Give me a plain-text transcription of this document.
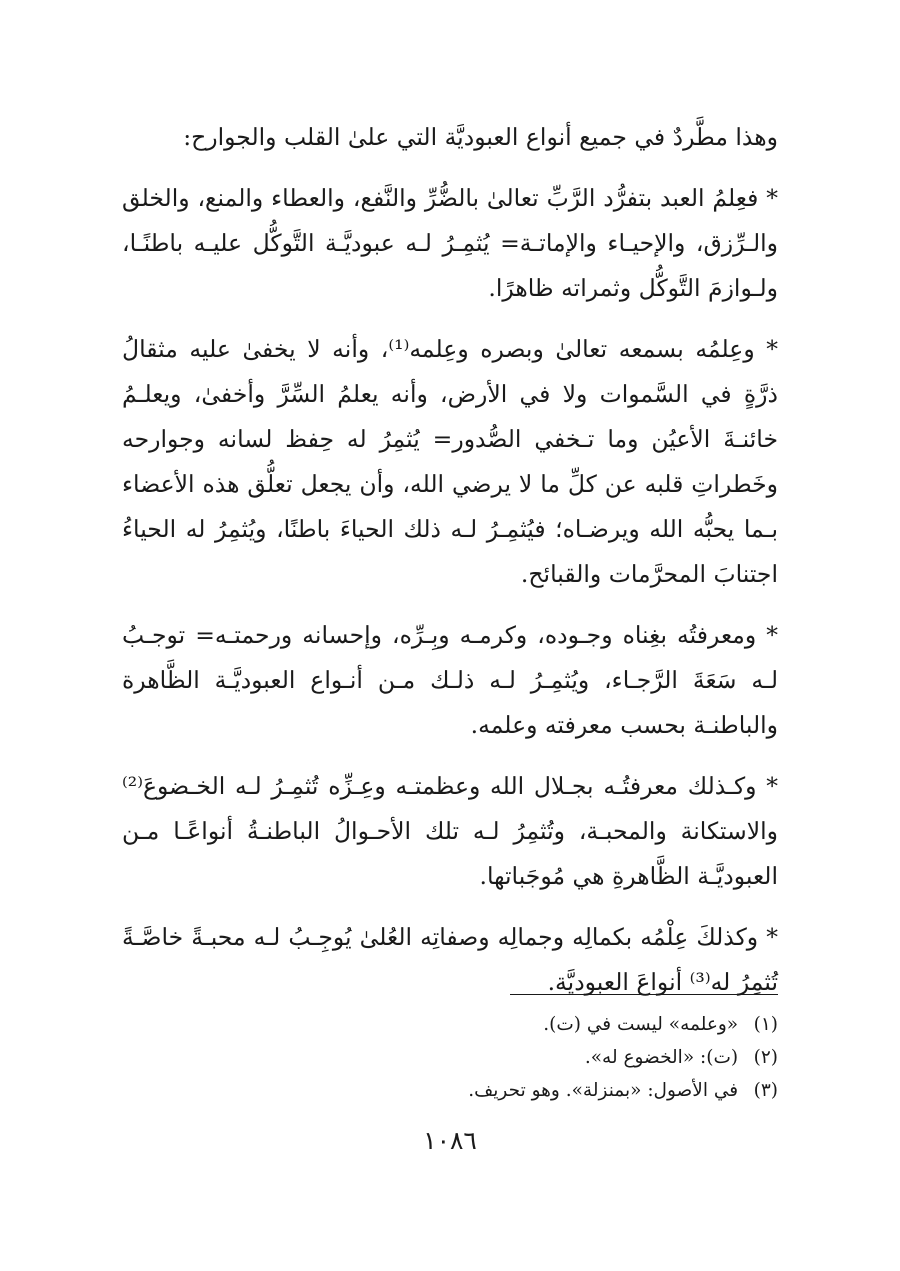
وهذا مطَّردٌ في جميع أنواع العبوديَّة التي علىٰ القلب والجوارح:

* فعِلمُ العبد بتفرُّد الرَّبِّ تعالىٰ بالضُّرِّ والنَّفع، والعطاء والمنع، والخلق والـرِّزق، والإحيـاء والإماتـة= يُثمِـرُ لـه عبوديَّـة التَّوكُّل عليـه باطنًـا، ولـوازمَ التَّوكُّل وثمراته ظاهرًا.

* وعِلمُه بسمعه تعالىٰ وبصره وعِلمه⁽¹⁾، وأنه لا يخفىٰ عليه مثقالُ ذرَّةٍ في السَّموات ولا في الأرض، وأنه يعلمُ السِّرَّ وأخفىٰ، ويعلـمُ خائنـةَ الأعيُن وما تـخفي الصُّدور= يُثمِرُ له حِفظ لسانه وجوارحه وخَطراتِ قلبه عن كلِّ ما لا يرضي الله، وأن يجعل تعلُّق هذه الأعضاء بـما يحبُّه الله ويرضـاه؛ فيُثمِـرُ لـه ذلك الحياءَ باطنًا، ويُثمِرُ له الحياءُ اجتنابَ المحرَّمات والقبائح.

* ومعرفتُه بغِناه وجـوده، وكرمـه وبِـرِّه، وإحسانه ورحمتـه= توجـبُ لـه سَعَةَ الرَّجـاء، ويُثمِـرُ لـه ذلـك مـن أنـواع العبوديَّـة الظَّاهرة والباطنـة بحسب معرفته وعلمه.

* وكـذلك معرفتُـه بجـلال الله وعظمتـه وعِـزِّه تُثمِـرُ لـه الخـضوعَ⁽²⁾ والاستكانة والمحبـة، وتُثمِرُ لـه تلك الأحـوالُ الباطنـةُ أنواعًـا مـن العبوديَّـة الظَّاهرةِ هي مُوجَباتها.

* وكذلكَ عِلْمُه بكمالِه وجمالِه وصفاتِه العُلىٰ يُوجِـبُ لـه محبـةً خاصَّـةً تُثمِرُ له⁽³⁾ أنواعَ العبوديَّة.

(١) «وعلمه» ليست في (ت).

(٢) (ت): «الخضوع له».

(٣) في الأصول: «بمنزلة». وهو تحريف.

١٠٨٦
